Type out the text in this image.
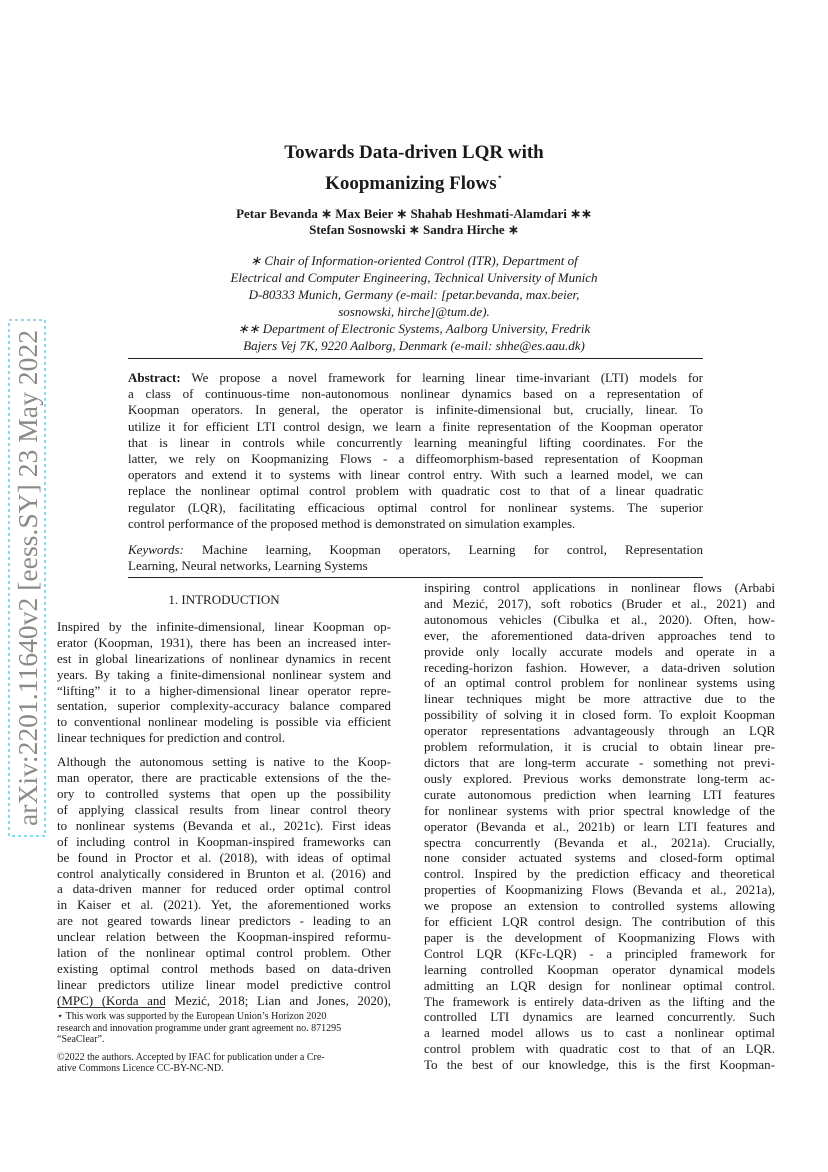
arXiv:2201.11640v2 [eess.SY] 23 May 2022
Towards Data-driven LQR with
Koopmanizing Flows⋆
Petar Bevanda ∗ Max Beier ∗ Shahab Heshmati-Alamdari ∗∗
Stefan Sosnowski ∗ Sandra Hirche ∗
∗ Chair of Information-oriented Control (ITR), Department of
Electrical and Computer Engineering, Technical University of Munich
D-80333 Munich, Germany (e-mail: [petar.bevanda, max.beier,
sosnowski, hirche]@tum.de).
∗∗ Department of Electronic Systems, Aalborg University, Fredrik
Bajers Vej 7K, 9220 Aalborg, Denmark (e-mail: shhe@es.aau.dk)
Abstract: We propose a novel framework for learning linear time-invariant (LTI) models for
a class of continuous-time non-autonomous nonlinear dynamics based on a representation of
Koopman operators. In general, the operator is infinite-dimensional but, crucially, linear. To
utilize it for efficient LTI control design, we learn a finite representation of the Koopman operator
that is linear in controls while concurrently learning meaningful lifting coordinates. For the
latter, we rely on Koopmanizing Flows - a diffeomorphism-based representation of Koopman
operators and extend it to systems with linear control entry. With such a learned model, we can
replace the nonlinear optimal control problem with quadratic cost to that of a linear quadratic
regulator (LQR), facilitating efficacious optimal control for nonlinear systems. The superior
control performance of the proposed method is demonstrated on simulation examples.
Keywords: Machine learning, Koopman operators, Learning for control, Representation
Learning, Neural networks, Learning Systems
1. INTRODUCTION
Inspired by the infinite-dimensional, linear Koopman op-
erator (Koopman, 1931), there has been an increased inter-
est in global linearizations of nonlinear dynamics in recent
years. By taking a finite-dimensional nonlinear system and
“lifting” it to a higher-dimensional linear operator repre-
sentation, superior complexity-accuracy balance compared
to conventional nonlinear modeling is possible via efficient
linear techniques for prediction and control.
Although the autonomous setting is native to the Koop-
man operator, there are practicable extensions of the the-
ory to controlled systems that open up the possibility
of applying classical results from linear control theory
to nonlinear systems (Bevanda et al., 2021c). First ideas
of including control in Koopman-inspired frameworks can
be found in Proctor et al. (2018), with ideas of optimal
control analytically considered in Brunton et al. (2016) and
a data-driven manner for reduced order optimal control
in Kaiser et al. (2021). Yet, the aforementioned works
are not geared towards linear predictors - leading to an
unclear relation between the Koopman-inspired reformu-
lation of the nonlinear optimal control problem. Other
existing optimal control methods based on data-driven
linear predictors utilize linear model predictive control
(MPC) (Korda and Mezić, 2018; Lian and Jones, 2020),
⋆ This work was supported by the European Union’s Horizon 2020
research and innovation programme under grant agreement no. 871295
“SeaClear”.
©2022 the authors. Accepted by IFAC for publication under a Cre-
ative Commons Licence CC-BY-NC-ND.
inspiring control applications in nonlinear flows (Arbabi
and Mezić, 2017), soft robotics (Bruder et al., 2021) and
autonomous vehicles (Cibulka et al., 2020). Often, how-
ever, the aforementioned data-driven approaches tend to
provide only locally accurate models and operate in a
receding-horizon fashion. However, a data-driven solution
of an optimal control problem for nonlinear systems using
linear techniques might be more attractive due to the
possibility of solving it in closed form. To exploit Koopman
operator representations advantageously through an LQR
problem reformulation, it is crucial to obtain linear pre-
dictors that are long-term accurate - something not previ-
ously explored. Previous works demonstrate long-term ac-
curate autonomous prediction when learning LTI features
for nonlinear systems with prior spectral knowledge of the
operator (Bevanda et al., 2021b) or learn LTI features and
spectra concurrently (Bevanda et al., 2021a). Crucially,
none consider actuated systems and closed-form optimal
control. Inspired by the prediction efficacy and theoretical
properties of Koopmanizing Flows (Bevanda et al., 2021a),
we propose an extension to controlled systems allowing
for efficient LQR control design. The contribution of this
paper is the development of Koopmanizing Flows with
Control LQR (KFc-LQR) - a principled framework for
learning controlled Koopman operator dynamical models
admitting an LQR design for nonlinear optimal control.
The framework is entirely data-driven as the lifting and the
controlled LTI dynamics are learned concurrently. Such
a learned model allows us to cast a nonlinear optimal
control problem with quadratic cost to that of an LQR.
To the best of our knowledge, this is the first Koopman-
